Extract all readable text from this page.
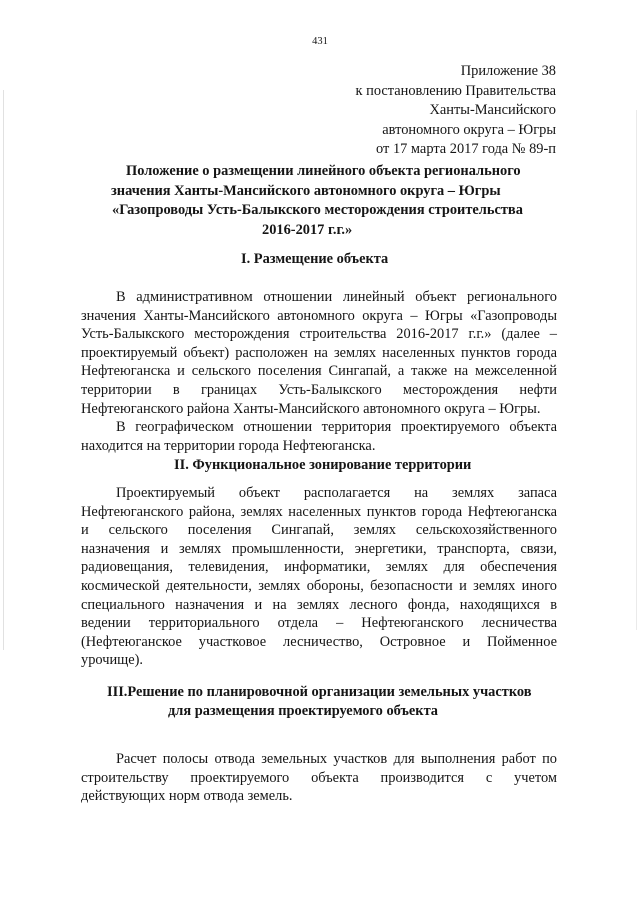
431
Приложение 38
к постановлению Правительства
Ханты-Мансийского
автономного округа – Югры
от 17 марта 2017 года № 89-п
Положение о размещении линейного объекта регионального
значения Ханты-Мансийского автономного округа – Югры
«Газопроводы Усть-Балыкского месторождения строительства
2016-2017 г.г.»
I. Размещение объекта
В административном отношении линейный объект регионального
значения Ханты-Мансийского автономного округа – Югры «Газопроводы
Усть-Балыкского месторождения строительства 2016-2017 г.г.» (далее –
проектируемый объект) расположен на землях населенных пунктов города
Нефтеюганска и сельского поселения Сингапай, а также на межселенной
территории в границах Усть-Балыкского месторождения нефти
Нефтеюганского района Ханты-Мансийского автономного округа – Югры.
В географическом отношении территория проектируемого объекта
находится на территории города Нефтеюганска.
II. Функциональное зонирование территории
Проектируемый объект располагается на землях запаса
Нефтеюганского района, землях населенных пунктов города Нефтеюганска
и сельского поселения Сингапай, землях сельскохозяйственного
назначения и землях промышленности, энергетики, транспорта, связи,
радиовещания, телевидения, информатики, землях для обеспечения
космической деятельности, землях обороны, безопасности и землях иного
специального назначения и на землях лесного фонда, находящихся в
ведении территориального отдела – Нефтеюганского лесничества
(Нефтеюганское участковое лесничество, Островное и Пойменное
урочище).
III.Решение по планировочной организации земельных участков
для размещения проектируемого объекта
Расчет полосы отвода земельных участков для выполнения работ по
строительству проектируемого объекта производится с учетом
действующих норм отвода земель.
